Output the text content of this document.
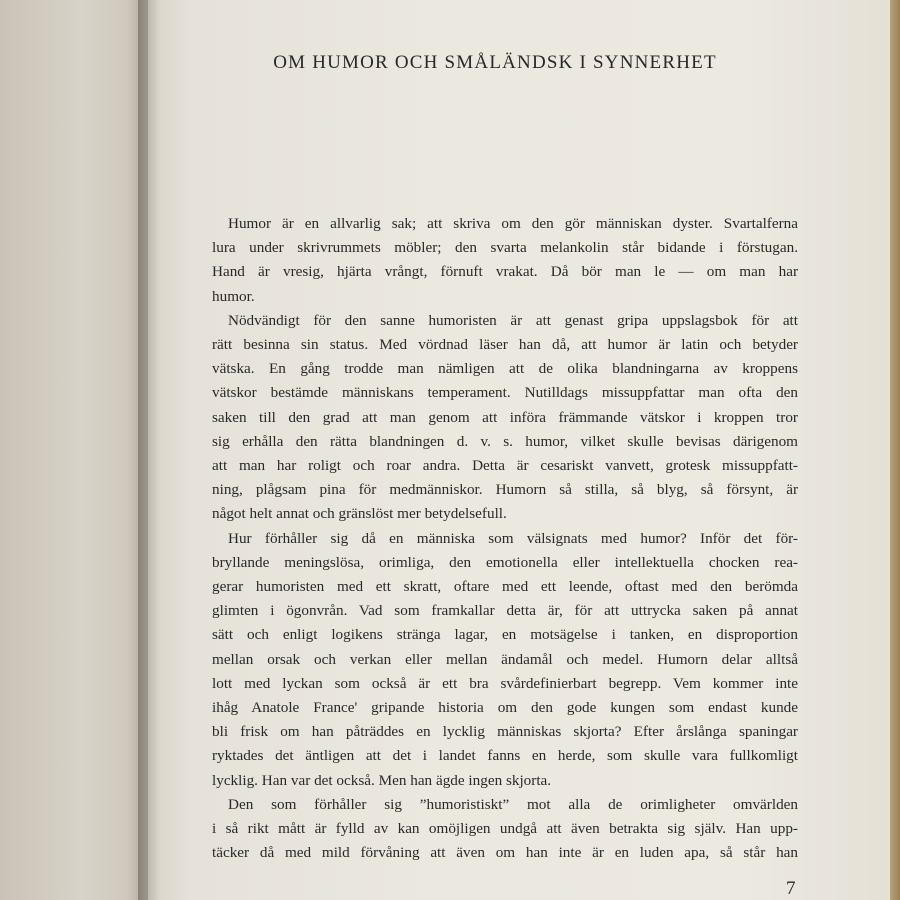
OM HUMOR OCH SMÅLÄNDSK I SYNNERHET
Humor är en allvarlig sak; att skriva om den gör människan dyster. Svartalferna
lura under skrivrummets möbler; den svarta melankolin står bidande i förstugan.
Hand är vresig, hjärta vrångt, förnuft vrakat. Då bör man le — om man har
humor.
Nödvändigt för den sanne humoristen är att genast gripa uppslagsbok för att
rätt besinna sin status. Med vördnad läser han då, att humor är latin och betyder
vätska. En gång trodde man nämligen att de olika blandningarna av kroppens
vätskor bestämde människans temperament. Nutilldags missuppfattar man ofta den
saken till den grad att man genom att införa främmande vätskor i kroppen tror
sig erhålla den rätta blandningen d. v. s. humor, vilket skulle bevisas därigenom
att man har roligt och roar andra. Detta är cesariskt vanvett, grotesk missuppfatt-
ning, plågsam pina för medmänniskor. Humorn så stilla, så blyg, så försynt, är
något helt annat och gränslöst mer betydelsefull.
Hur förhåller sig då en människa som välsignats med humor? Inför det för-
bryllande meningslösa, orimliga, den emotionella eller intellektuella chocken rea-
gerar humoristen med ett skratt, oftare med ett leende, oftast med den berömda
glimten i ögonvrån. Vad som framkallar detta är, för att uttrycka saken på annat
sätt och enligt logikens stränga lagar, en motsägelse i tanken, en disproportion
mellan orsak och verkan eller mellan ändamål och medel. Humorn delar alltså
lott med lyckan som också är ett bra svårdefinierbart begrepp. Vem kommer inte
ihåg Anatole France' gripande historia om den gode kungen som endast kunde
bli frisk om han påträddes en lycklig människas skjorta? Efter årslånga spaningar
ryktades det äntligen att det i landet fanns en herde, som skulle vara fullkomligt
lycklig. Han var det också. Men han ägde ingen skjorta.
Den som förhåller sig ”humoristiskt” mot alla de orimligheter omvärlden
i så rikt mått är fylld av kan omöjligen undgå att även betrakta sig själv. Han upp-
täcker då med mild förvåning att även om han inte är en luden apa, så står han
7
